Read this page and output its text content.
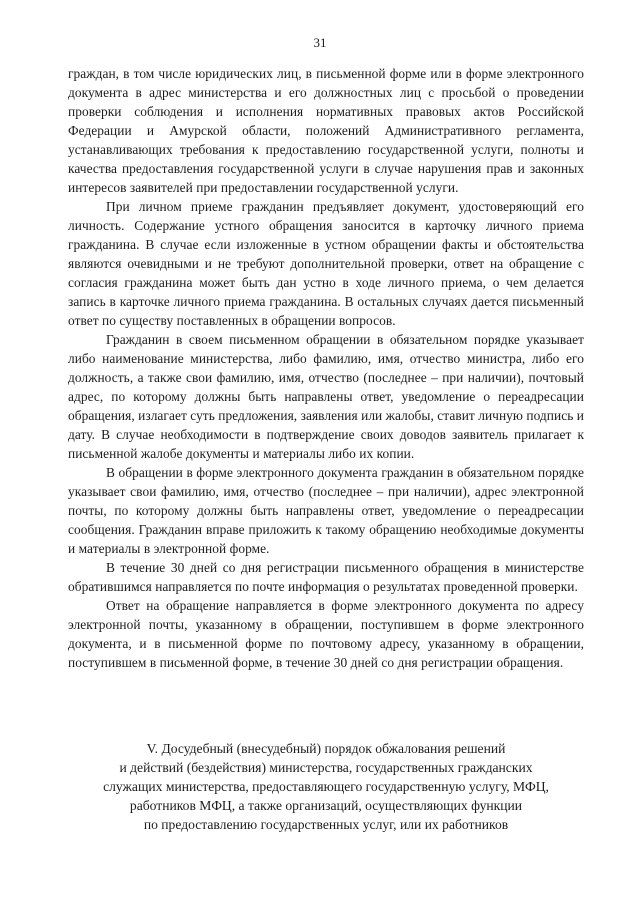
31

граждан, в том числе юридических лиц, в письменной форме или в форме электронного документа в адрес министерства и его должностных лиц с просьбой о проведении проверки соблюдения и исполнения нормативных правовых актов Российской Федерации и Амурской области, положений Административного регламента, устанавливающих требования к предоставлению государственной услуги, полноты и качества предоставления государственной услуги в случае нарушения прав и законных интересов заявителей при предоставлении государственной услуги.

При личном приеме гражданин предъявляет документ, удостоверяющий его личность. Содержание устного обращения заносится в карточку личного приема гражданина. В случае если изложенные в устном обращении факты и обстоятельства являются очевидными и не требуют дополнительной проверки, ответ на обращение с согласия гражданина может быть дан устно в ходе личного приема, о чем делается запись в карточке личного приема гражданина. В остальных случаях дается письменный ответ по существу поставленных в обращении вопросов.

Гражданин в своем письменном обращении в обязательном порядке указывает либо наименование министерства, либо фамилию, имя, отчество министра, либо его должность, а также свои фамилию, имя, отчество (последнее – при наличии), почтовый адрес, по которому должны быть направлены ответ, уведомление о переадресации обращения, излагает суть предложения, заявления или жалобы, ставит личную подпись и дату. В случае необходимости в подтверждение своих доводов заявитель прилагает к письменной жалобе документы и материалы либо их копии.

В обращении в форме электронного документа гражданин в обязательном порядке указывает свои фамилию, имя, отчество (последнее – при наличии), адрес электронной почты, по которому должны быть направлены ответ, уведомление о переадресации сообщения. Гражданин вправе приложить к такому обращению необходимые документы и материалы в электронной форме.

В течение 30 дней со дня регистрации письменного обращения в министерстве обратившимся направляется по почте информация о результатах проведенной проверки.

Ответ на обращение направляется в форме электронного документа по адресу электронной почты, указанному в обращении, поступившем в форме электронного документа, и в письменной форме по почтовому адресу, указанному в обращении, поступившем в письменной форме, в течение 30 дней со дня регистрации обращения.

V. Досудебный (внесудебный) порядок обжалования решений
и действий (бездействия) министерства, государственных гражданских
служащих министерства, предоставляющего государственную услугу, МФЦ,
работников МФЦ, а также организаций, осуществляющих функции
по предоставлению государственных услуг, или их работников
